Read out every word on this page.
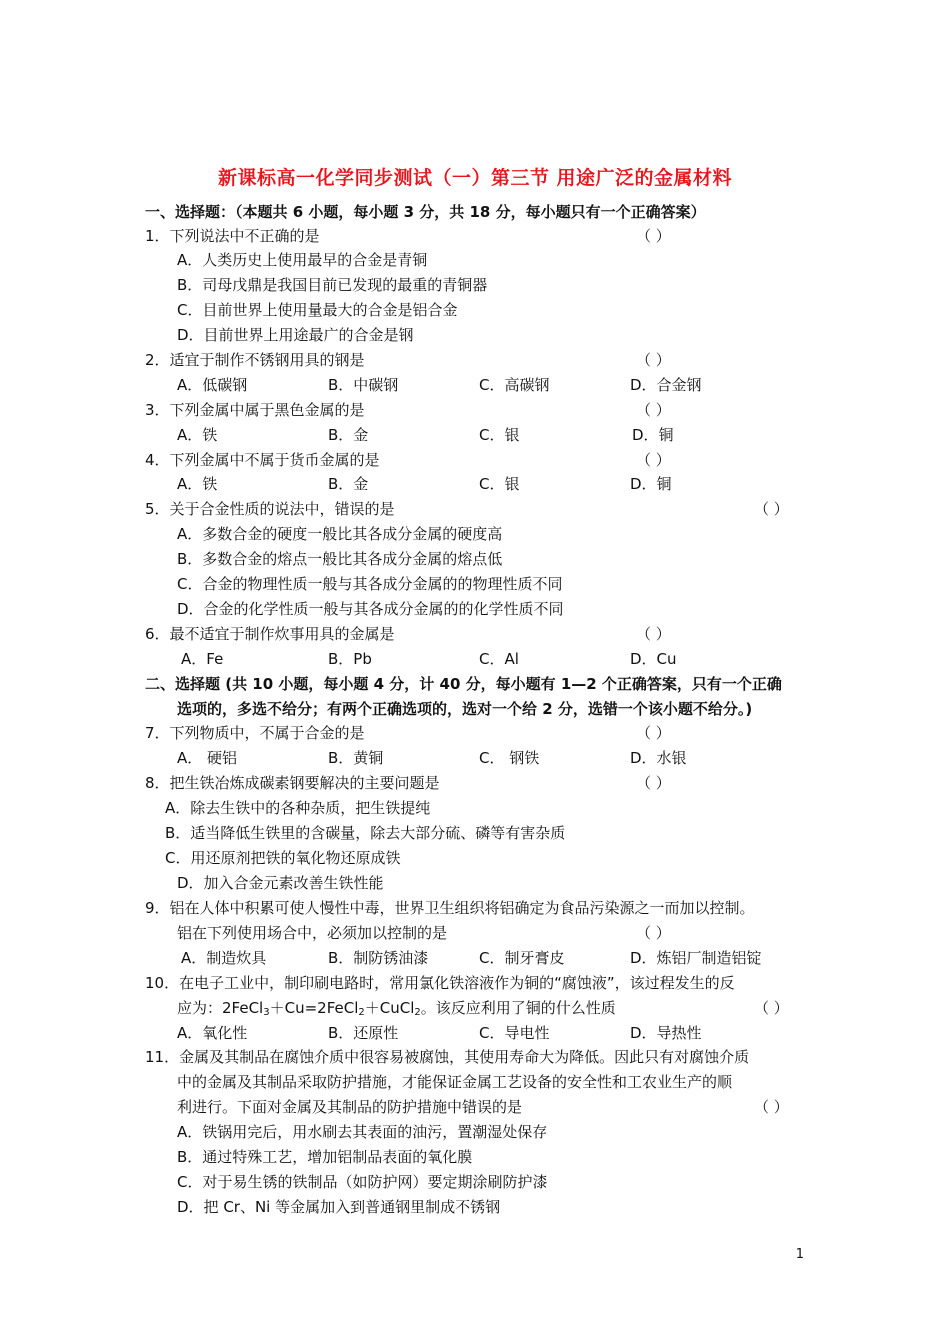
新课标高一化学同步测试（一）第三节 用途广泛的金属材料
一、选择题：（本题共 6 小题，每小题 3 分，共 18 分，每小题只有一个正确答案）
1．下列说法中不正确的是	（ ）
A．人类历史上使用最早的合金是青铜
B．司母戊鼎是我国目前已发现的最重的青铜器
C．目前世界上使用量最大的合金是铝合金
D．目前世界上用途最广的合金是钢
2．适宜于制作不锈钢用具的钢是	（ ）
A．低碳钢	B．中碳钢	C．高碳钢	D．合金钢
3．下列金属中属于黑色金属的是	（ ）
A．铁	B．金	C．银	D．铜
4．下列金属中不属于货币金属的是	（ ）
A．铁	B．金	C．银	D．铜
5．关于合金性质的说法中，错误的是	（ ）
A．多数合金的硬度一般比其各成分金属的硬度高
B．多数合金的熔点一般比其各成分金属的熔点低
C．合金的物理性质一般与其各成分金属的的物理性质不同
D．合金的化学性质一般与其各成分金属的的化学性质不同
6．最不适宜于制作炊事用具的金属是	（ ）
A．Fe	B．Pb	C．Al	D．Cu
二、选择题 (共 10 小题，每小题 4 分，计 40 分，每小题有 1—2 个正确答案，只有一个正确
选项的，多选不给分；有两个正确选项的，选对一个给 2 分，选错一个该小题不给分。)
7．下列物质中，不属于合金的是	（ ）
A． 硬铝	B．黄铜	C． 钢铁	D．水银
8．把生铁冶炼成碳素钢要解决的主要问题是	（ ）
A．除去生铁中的各种杂质，把生铁提纯
B．适当降低生铁里的含碳量，除去大部分硫、磷等有害杂质
C．用还原剂把铁的氧化物还原成铁
D．加入合金元素改善生铁性能
9．铝在人体中积累可使人慢性中毒，世界卫生组织将铝确定为食品污染源之一而加以控制。
铝在下列使用场合中，必须加以控制的是	（ ）
A．制造炊具	B．制防锈油漆	C．制牙膏皮	D．炼铝厂制造铝锭
10．在电子工业中，制印刷电路时，常用氯化铁溶液作为铜的“腐蚀液”，该过程发生的反
应为：2FeCl$_3$＋Cu=2FeCl$_2$＋CuCl$_2$。该反应利用了铜的什么性质	（ ）
A．氧化性	B．还原性	C．导电性	D．导热性
11．金属及其制品在腐蚀介质中很容易被腐蚀，其使用寿命大为降低。因此只有对腐蚀介质
中的金属及其制品采取防护措施，才能保证金属工艺设备的安全性和工农业生产的顺
利进行。下面对金属及其制品的防护措施中错误的是	（ ）
A．铁锅用完后，用水刷去其表面的油污，置潮湿处保存
B．通过特殊工艺，增加铝制品表面的氧化膜
C．对于易生锈的铁制品（如防护网）要定期涂刷防护漆
D．把 Cr、Ni 等金属加入到普通钢里制成不锈钢
1
